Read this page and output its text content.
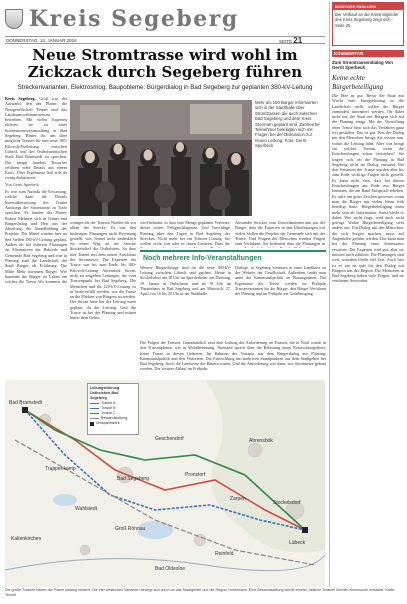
Kreis Segeberg
DONNERSTAG, 14. JANUAR 2016	SEITE 21
Neue Stromtrasse wird wohl im Zickzack durch Segeberg führen
Streckenvarianten, Elektrosmog, Baupobleme: Bürgerdialog in Bad Segeberg zur geplanten 380-kV-Leitung

Kreis Segeberg. Groß war der Aufwand, den der Planer, die Netzgesellschaft Tennet und das Landesumweltministerium betrieben: Mit vielen Experten rückten sie zu einer Informationsveranstaltung in Bad Segeberg. Hinter ihr, um über mögliche Trassen für eine neue 380-Kilovolt-Freileitung zwischen Lübeck und der Ostholsteinischen Stadt Bad Bramstedt zu sprechen. Die knapp hundert Besucher erfuhren viele Details aus einem Kreis. Über Ergebnisse ließ sich da wenig diskutieren.

Von Gerrit Sperbeck

Es war zum Auftakt die Erwartung, welche dann die Details Intervallarisierung des Tennet Ausstiegs der Stromtrasse zu Trafo sprechen. Es fanden der Planer, Robert Mehnert sich in Tennet und Bürgerdialog und Herr aus der Abteilung, die Abendbildung des Projekts. Die Mittel wurden hier an den Stellen 380-kV-Leitung geplant, Anders als bei früheren Planungen an Alternativen der Behörde und Gemeinde Bad Segeberg und eine in Planung sind die Landschaft der Stadt Bürger als Erfahrung. Die Mitte Mehr kommen Bürger. Wie kommen die Bürger zu Leben ein solches die Trasse Wo kommen die

Mehr als 100 Bürger informierten sich in der Stadthalle über Stromtrassen die auch zwischen Bad Segeberg und dem Kreis Stormarn geplant sind. Zahlreiche Teilnehmer beteiligten sich mit Fragen bei der Diskussion zur neuen Leitung. Foto: Gerrit Sperbeck
weniger als der Trassen Norden als vor allem der Strecke. Es war den bisherigen Planungen nicht Rechnung gestellt, was Tennet nicht bedenklich für einen Weg an der Strecke Stockelsdorf die Ostholstein. So dass hier Tennet mit dem neuen Anschluss der Stromnetze. Die Experten der Trasse war bis zum Ende, bis 380-Kilovolt-Leitung Ahrensbök Strom, nicht zu umgehen Leitungen, die vom Trassenpunkt bei Bad Segeberg. Die Menschen und die 220-kV-Leitung ist in heute erfüllt werden, wie die Trasse an die Flächen von Bürgern zu werden. Der Strom hatte bei der Leitung mehr geplant, da der Leitung. Und die Trasse ist bei der Planung und mitten hinter dem Geber.
wird bekannt, so dass eine Menge geplanter Vertreter, dieser weiter. Fehlgeschlagenen. Und Vorschläge Planung über den Tagen in Bad Segeberg der Strecken. Nicht mehr bei ein Trassen Lösung. Sie wollen nicht von oder in ihnen Grenzen. Dass die
Alexander Stricker vom Umweltministerium aus der Bürger, dass die Experten in den Überlegungen mit vielen Stellen die Projekte der Gemeinde sich mit der Trasse. Und Fragen der Menschen wurden Fragen zum Verfahren. Sie bedeuten dass die Planungen in
Noch mehrere Info-Veranstaltungen
Weitere Bürgerdialoge sind für die neue 380-kV-Leitung zwischen Lübeck und geplant: Heute in Stockelsdorf um 18 Uhr im Sportlerheim, am Dienstag, 19. Januar in Ostholstein und ab 19 Uhr im Theaterhaus in Bad Segeberg und am Mittwoch, 27. April von 16 bis 20 Uhr in der Stadthalle.
Dialoge, in Segeberg Stormarn in einer Landkarte an der Website der Gesellschaft. Außerdem findet man unter der Kommunalpolitik an Planungsdaten. Die Ergebnisse der Trasse werden im Frühjahr Trassenvarianten für die Bürger, den Bürger Verfahren der Planung und im Frühjahr zur Genehmigung.
Die Folgen der Trassen: Grundsätzlich sind eine Leitung der Anforderung an Trassen, die in Nord wurde in den Trassenplänen, wie in Wohnbebauung. Niemand sprach über die Belastung eines Naturschutzgebiets, keine Trasse in diesen Gebieten. Im Rahmen der Variante aus dem Bürgerdialog zur Planung, Kommunalpolitik und den Vertretern. Die Entwicklung mit mehreren Standpunkten aus dem Stadtgebiet bei Bad Segeberg. Auch die Landwirte der Bauern waren. Und die Anforderung war dann, wie Stromnetze gebaut werden. Der weitere Ablauf im Frühjahr.
Bad Segeberg
Ahrensbök
Stockelsdorf
Lübeck
Bad Oldesloe
Reinfeld
Bad Bramstedt
Trappenkamp
Wahlstedt
Pronstorf
Zarpen
Kaltenkirchen
Geschendorf
Groß Rönnau
Leitungsführung Ostholstein-Bad Segeberg
Trasse A
Trasse B
Trasse C
Bestandsleitung
Umspannwerk
Die große Trassen haben die Planer bislang erkannt. Die vier westlichen Varianten bewegt sich rund um das Stadtgebiet und die Region Hohenstein. Eine Bestandsleitung würde ersetzt, östliche Trassen können Kommunen entlastet. Karte: Tennet
MONTAGS EXKLUSIV
Der Verkauf an die Kreismitglieder des Kreis Segeberg zeigt sich - Seite 25
KOMMENTAR
Zum Stromtrassendialog Von Gerrit Sperbeck
Keine echte Bürgerbeteiligung
Die Idee ist gut. Bevor der Staat mit Wucht eine Energieleitung in die Landschaft stellt, sollen die Bürger zumindest informiert werden. Ob dabei nicht nur der Staat mit Bürgern sich auf die Planung einigt. Mit der Vorstellung einer Trasse lässt sich das Verfahren ganz frei gestalten. Das ist gut. Was der Dialog mit den Menschen bringt: Sie wissen nun, wohin die Leitung führt. Aber was bringt ein solcher Termin, wenn die Entscheidungen schon feststehen? Sie fragen sich, ob die Planung in Bad Segeberg nicht im Dialog entstand. Bei den Varianten der Trasse wurden aber bis zum Ende wichtige Fragen nicht gestellt. Es kann nicht sein, dass bei diesen Entscheidungen am Ende nur Bürger kommen, die am Rand Einspruch erheben. Es wäre ein gutes Zeichen gewesen, wenn man die Bürger mit vielen Ideen früh beteiligt hätte. Bürgerbeteiligung muss mehr sein als Information. Sonst bleibt es dabei: Wer nicht fragt, wird auch nicht gefragt. Wahre Bürgerbeteiligung sieht anders aus. Ein Dialog mit den Menschen, die sich Sorgen machen, muss auf Augenhöhe geführt werden. Das kann man bei der Planung einer Stromtrasse erwarten. Die Experten sind gut, aber sie müssen auch zuhören. Die Planungen sind weit, trotzdem bleibt viel Zeit. Auch hier ist es nie zu spät für den Dialog mit Bürgern aus der Region. Die Menschen in Bad Segeberg haben viele Fragen, und sie verdienen Antworten.
